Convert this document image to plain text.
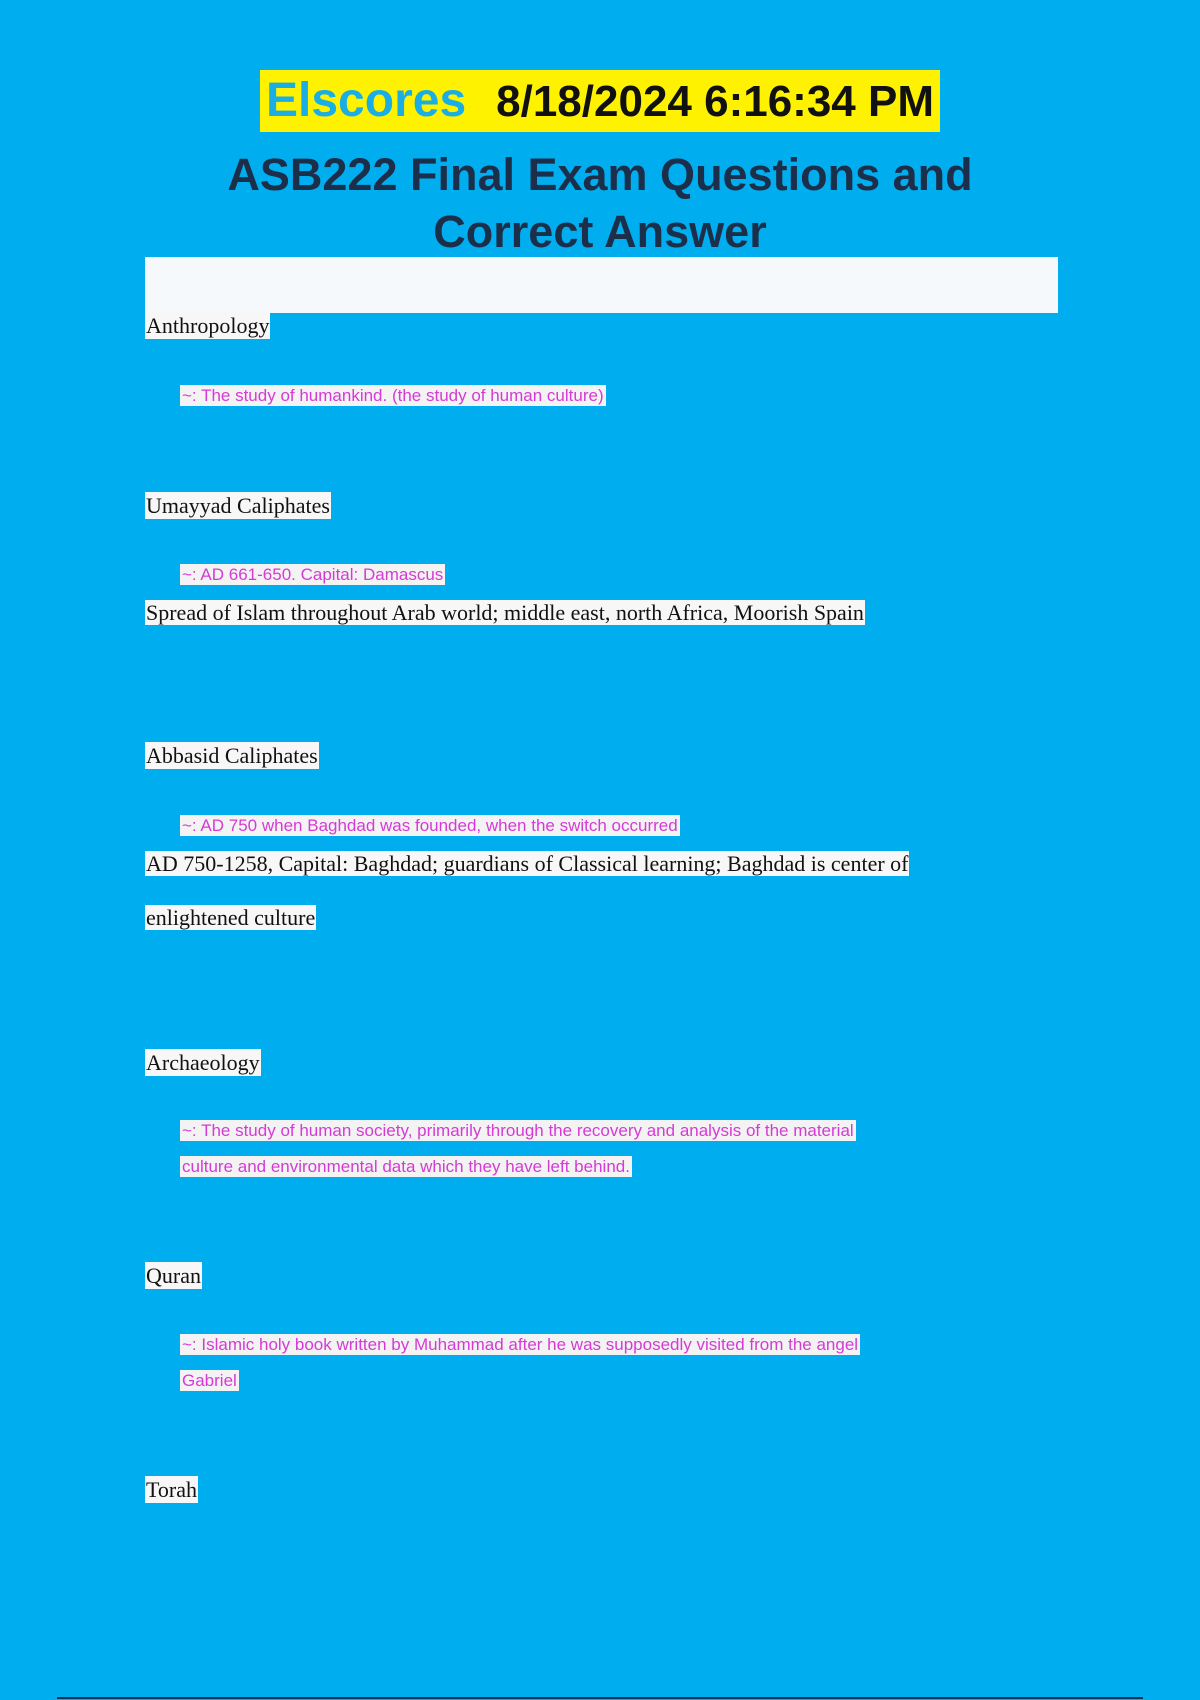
Elscores 8/18/2024 6:16:34 PM
ASB222 Final Exam Questions and
Correct Answer
Anthropology
~: The study of humankind. (the study of human culture)
Umayyad Caliphates
~: AD 661-650. Capital: Damascus
Spread of Islam throughout Arab world; middle east, north Africa, Moorish Spain
Abbasid Caliphates
~: AD 750 when Baghdad was founded, when the switch occurred
AD 750-1258, Capital: Baghdad; guardians of Classical learning; Baghdad is center of
enlightened culture
Archaeology
~: The study of human society, primarily through the recovery and analysis of the material
culture and environmental data which they have left behind.
Quran
~: Islamic holy book written by Muhammad after he was supposedly visited from the angel
Gabriel
Torah
